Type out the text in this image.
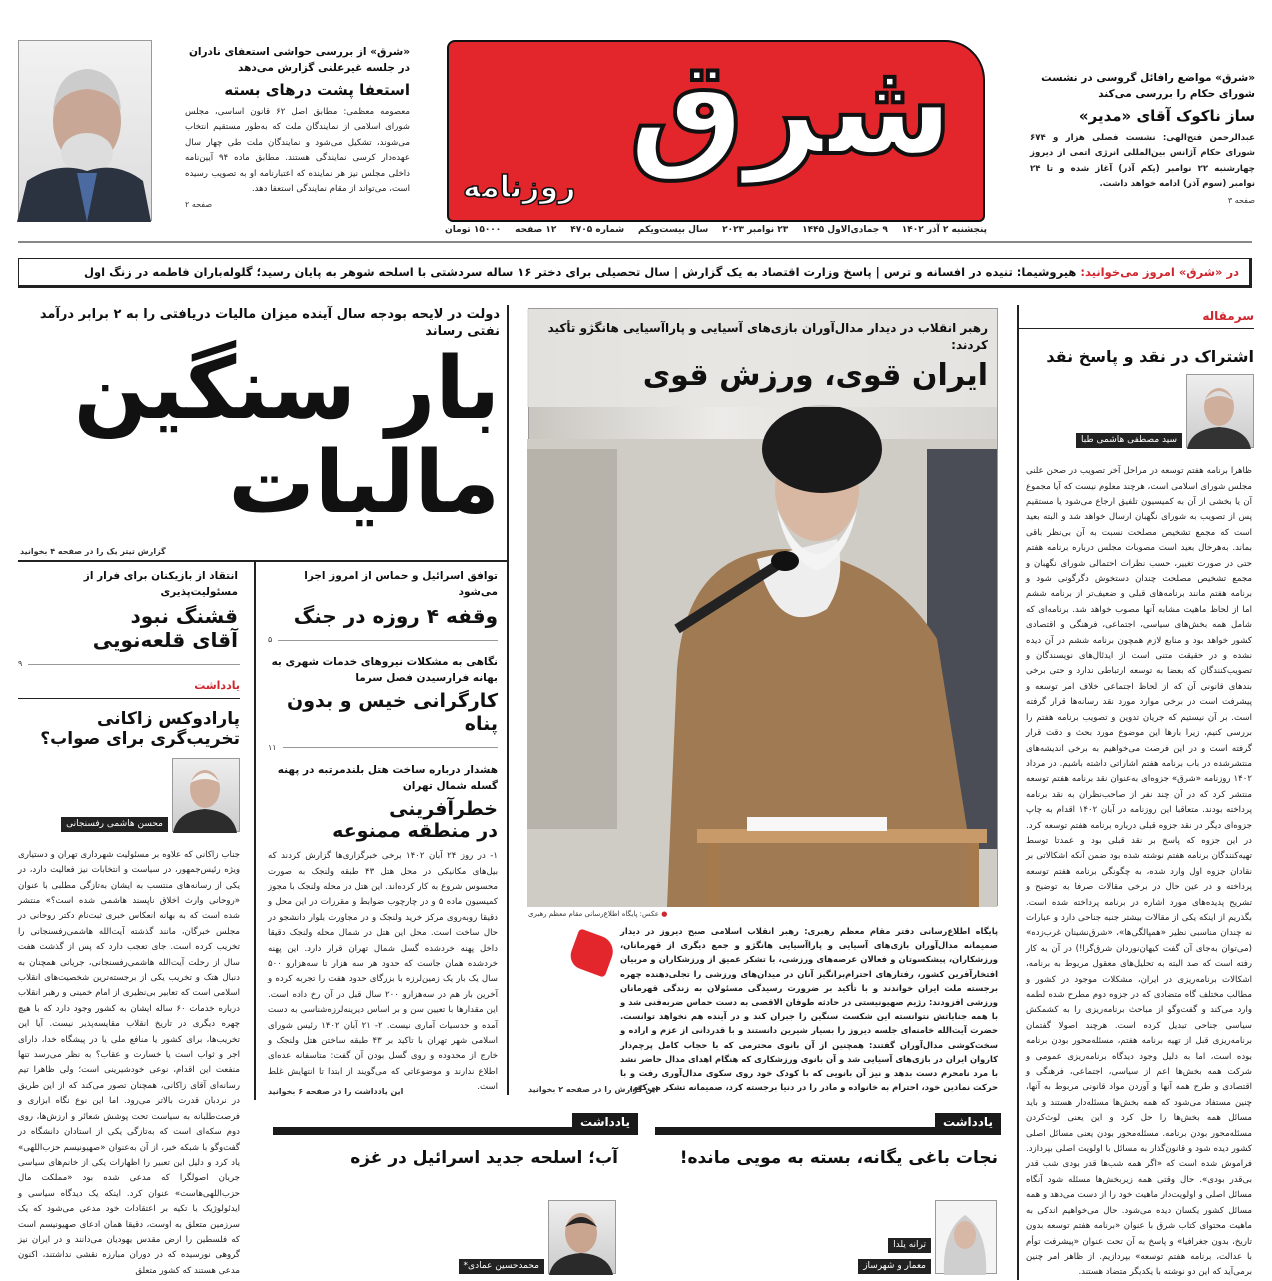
«شرق» از بررسی حواشی استعفای نادران در جلسه غیرعلنی گزارش می‌دهد
استعفا پشت درهای بسته
معصومه معظمی: مطابق اصل ۶۲ قانون اساسی، مجلس شورای اسلامی از نمایندگان ملت که به‌طور مستقیم انتخاب می‌شوند، تشکیل می‌شود و نمایندگان ملت طی چهار سال عهده‌دار کرسی نمایندگی هستند. مطابق ماده ۹۴ آیین‌نامه داخلی مجلس نیز هر نماینده که اعتبارنامه او به تصویب رسیده است، می‌تواند از مقام نمایندگی استعفا دهد.
صفحه ۲
شرق
روزنامه
پنجشنبه ۲ آذر ۱۴۰۲
۹ جمادی‌الاول ۱۴۴۵
۲۳ نوامبر ۲۰۲۳
سال بیست‌ویکم
شماره ۴۷۰۵
۱۲ صفحه
۱۵۰۰۰ تومان
«شرق» مواضع رافائل گروسی در نشست شورای حکام را بررسی می‌کند
ساز ناکوک آقای «مدیر»
عبدالرحمن فتح‌الهی: نشست فصلی هزار و ۶۷۴ شورای حکام آژانس بین‌المللی انرژی اتمی از دیروز چهارشنبه ۲۲ نوامبر (یکم آذر) آغاز شده و تا ۲۴ نوامبر (سوم آذر) ادامه خواهد داشت.
صفحه ۳
در «شرق» امروز می‌خوانید: هیروشیما: تنیده در افسانه و ترس | پاسخ وزارت اقتصاد به یک گزارش | سال تحصیلی برای دختر ۱۶ ساله سردشتی با اسلحه شوهر به پایان رسید؛ گلوله‌باران فاطمه در زنگ اول
دولت در لایحه بودجه سال آینده میزان مالیات دریافتی را به ۲ برابر درآمد نفتی رساند
بار سنگین
مالیات
گزارش تیتر یک را در صفحه ۴ بخوانید
انتقاد از بازیکنان برای فرار از مسئولیت‌پذیری
قشنگ نبود
آقای قلعه‌نویی
۹
یادداشت
پارادوکس زاکانی
تخریب‌گری برای صواب؟
محسن هاشمی رفسنجانی
جناب زاکانی که علاوه بر مسئولیت شهرداری تهران و دستیاری ویژه رئیس‌جمهور، در سیاست و انتخابات نیز فعالیت دارد، در یکی از رسانه‌های منتسب به ایشان به‌تازگی مطلبی با عنوان «روحانی وارث اخلاق ناپسند هاشمی شده است؟» منتشر شده است که به بهانه انعکاس خبری ثبت‌نام دکتر روحانی در مجلس خبرگان، مانند گذشته آیت‌الله هاشمی‌رفسنجانی را تخریب کرده است. جای تعجب دارد که پس از گذشت هفت سال از رحلت آیت‌الله هاشمی‌رفسنجانی، جریانی همچنان به دنبال هتک و تخریب یکی از برجسته‌ترین شخصیت‌های انقلاب اسلامی است که تعابیر بی‌نظیری از امام خمینی و رهبر انقلاب درباره خدمات ۶۰ ساله ایشان به کشور وجود دارد که با هیچ چهره دیگری در تاریخ انقلاب مقایسه‌پذیر نیست. آیا این تخریب‌ها، برای کشور یا منافع ملی یا در پیشگاه خدا، دارای اجر و ثواب است یا خسارت و عقاب؟ به نظر می‌رسد تنها منفعت این اقدام، نوعی خودشیرینی است؛ ولی ظاهرا تیم رسانه‌ای آقای زاکانی، همچنان تصور می‌کند که از این طریق در نردبان قدرت بالاتر می‌رود. اما این نوع نگاه ابزاری و فرصت‌طلبانه به سیاست تحت پوشش شعائر و ارزش‌ها، روی دوم سکه‌ای است که به‌تازگی یکی از استادان دانشگاه در گفت‌وگو با شبکه خبر، از آن به‌عنوان «صهیونیسم حزب‌اللهی» یاد کرد و دلیل این تعبیر را اظهارات یکی از خانم‌های سیاسی جریان اصولگرا که مدعی شده بود «مملکت مال حزب‌اللهی‌هاست» عنوان کرد. اینکه یک دیدگاه سیاسی و ایدئولوژیک با تکیه بر اعتقادات خود مدعی می‌شود که یک سرزمین متعلق به اوست، دقیقا همان ادعای صهیونیسم است که فلسطین را ارض مقدس یهودیان می‌دانند و در ایران نیز گروهی نورسیده که در دوران مبارزه نقشی نداشتند، اکنون مدعی هستند که کشور متعلق
توافق اسرائیل و حماس از امروز اجرا می‌شود
وقفه ۴ روزه در جنگ
۵
نگاهی به مشکلات نیروهای خدمات شهری به بهانه فرارسیدن فصل سرما
کارگرانی خیس و بدون پناه
۱۱
هشدار درباره ساخت هتل بلندمرتبه در پهنه گسله شمال تهران
خطرآفرینی
در منطقه ممنوعه
۱- در روز ۲۴ آبان ۱۴۰۲ برخی خبرگزاری‌ها گزارش کردند که بیل‌های مکانیکی در محل هتل ۴۳ طبقه ولنجک به صورت محسوس شروع به کار کرده‌اند. این هتل در محله ولنجک با مجوز کمیسیون ماده ۵ و در چارچوب ضوابط و مقررات در این محل و دقیقا روبه‌روی مرکز خرید ولنجک و در مجاورت بلوار دانشجو در حال ساخت است. محل این هتل در شمال محله ولنجک دقیقا داخل پهنه خردشده گسل شمال تهران قرار دارد. این پهنه خردشده همان جاست که حدود هر سه هزار تا سه‌هزارو ۵۰۰ سال یک بار یک زمین‌لرزه با بزرگای حدود هفت را تجربه کرده و آخرین بار هم در سه‌هزارو ۲۰۰ سال قبل در آن رخ داده است. این مقدارها با تعیین سن و بر اساس دیرینه‌لرزه‌شناسی به دست آمده و حدسیات آماری نیست. ۲- ۲۱ آبان ۱۴۰۲ رئیس شورای اسلامی شهر تهران با تاکید بر ۴۳ طبقه ساختن هتل ولنجک و خارج از محدوده و روی گسل بودن آن گفت: متاسفانه عده‌ای اطلاع ندارند و موضوعاتی که می‌گویند از ابتدا تا انتهایش غلط است.
این یادداشت را در صفحه ۶ بخوانید
رهبر انقلاب در دیدار مدال‌آوران بازی‌های آسیایی و پاراآسیایی هانگژو تأکید کردند:
ایران قوی، ورزش قوی
● عکس: پایگاه اطلاع‌رسانی مقام معظم رهبری
پایگاه اطلاع‌رسانی دفتر مقام معظم رهبری: رهبر انقلاب اسلامی صبح دیروز در دیدار صمیمانه مدال‌آوران بازی‌های آسیایی و پاراآسیایی هانگژو و جمع دیگری از قهرمانان، ورزشکاران، پیشکسوتان و فعالان عرصه‌های ورزشی، با تشکر عمیق از ورزشکاران و مربیان افتخارآفرین کشور، رفتارهای احترام‌برانگیز آنان در میدان‌های ورزشی را تجلی‌دهنده چهره برجسته ملت ایران خواندند و با تأکید بر ضرورت رسیدگی مسئولان به زندگی قهرمانان ورزشی افزودند: رژیم صهیونیستی در حادثه طوفان الاقصی به دست حماس ضربه‌فنی شد و با همه جنایاتش نتوانسته این شکست سنگین را جبران کند و در آینده هم نخواهد توانست. حضرت آیت‌الله خامنه‌ای جلسه دیروز را بسیار شیرین دانستند و با قدردانی از عزم و اراده و سخت‌کوشی مدال‌آوران گفتند: همچنین از آن بانوی محترمی که با حجاب کامل پرچم‌دار کاروان ایران در بازی‌های آسیایی شد و آن بانوی ورزشکاری که هنگام اهدای مدال حاضر نشد با مرد نامحرم دست بدهد و نیز آن بانویی که با کودک خود روی سکوی مدال‌آوری رفت و با حرکت نمادین خود، احترام به خانواده و مادر را در دنیا برجسته کرد، صمیمانه تشکر می‌کنم.
این گزارش را در صفحه ۲ بخوانید
سرمقاله
اشتراک در نقد و پاسخ نقد
سید مصطفی هاشمی طبا
ظاهرا برنامه هفتم توسعه در مراحل آخر تصویب در صحن علنی مجلس شورای اسلامی است، هرچند معلوم نیست که آیا مجموع آن یا بخشی از آن به کمیسیون تلفیق ارجاع می‌شود یا مستقیم پس از تصویب به شورای نگهبان ارسال خواهد شد و البته بعید است که مجمع تشخیص مصلحت نسبت به آن بی‌نظر باقی بماند. به‌هرحال بعید است مصوبات مجلس درباره برنامه هفتم حتی در صورت تغییر، حسب نظرات احتمالی شورای نگهبان و مجمع تشخیص مصلحت چندان دستخوش دگرگونی شود و برنامه هفتم مانند برنامه‌های قبلی و ضعیف‌تر از برنامه ششم اما از لحاظ ماهیت مشابه آنها مصوب خواهد شد. برنامه‌ای که شامل همه بخش‌های سیاسی، اجتماعی، فرهنگی و اقتصادی کشور خواهد بود و منابع لازم همچون برنامه ششم در آن دیده نشده و در حقیقت متنی است از ایدئال‌های نویسندگان و تصویب‌کنندگان که بعضا به توسعه ارتباطی ندارد و حتی برخی بندهای قانونی آن که از لحاظ اجتماعی خلاف امر توسعه و پیشرفت است در برخی موارد مورد نقد رسانه‌ها قرار گرفته است. بر آن نیستیم که جریان تدوین و تصویب برنامه هفتم را بررسی کنیم، زیرا بارها این موضوع مورد بحث و دقت قرار گرفته است و در این فرصت می‌خواهیم به برخی اندیشه‌های منتشرشده در باب برنامه هفتم اشاراتی داشته باشیم. در مرداد ۱۴۰۲ روزنامه «شرق» جزوه‌ای به‌عنوان نقد برنامه هفتم توسعه منتشر کرد که در آن چند نفر از صاحب‌نظران به نقد برنامه پرداخته بودند. متعاقبا این روزنامه در آبان ۱۴۰۲ اقدام به چاپ جزوه‌ای دیگر در نقد جزوه قبلی درباره برنامه هفتم توسعه کرد. در این جزوه که پاسخ بر نقد قبلی بود و عمدتا توسط تهیه‌کنندگان برنامه هفتم نوشته شده بود ضمن آنکه اشکالاتی بر نقادان جزوه اول وارد شده، به چگونگی برنامه هفتم توسعه پرداخته و در عین حال در برخی مقالات صرفا به توضیح و تشریح پدیده‌های مورد اشاره در برنامه پرداخته شده است. بگذریم از اینکه یکی از مقالات بیشتر جنبه جناحی دارد و عبارات نه چندان مناسبی نظیر «همپالگی‌ها»، «شرق‌نشینان غرب‌زده» (می‌توان به‌جای آن گفت کیهان‌نوردان شرق‌گرا!) در آن به کار رفته است که صد البته به تحلیل‌های معقول مربوط به برنامه، اشکالات برنامه‌ریزی در ایران، مشکلات موجود در کشور و مطالب مختلف گاه متضادی که در جزوه دوم مطرح شده لطمه وارد می‌کند و گفت‌وگو از مباحث برنامه‌ریزی را به کشمکش سیاسی جناحی تبدیل کرده است. هرچند اصولا گفتمان برنامه‌ریزی قبل از تهیه برنامه هفتم، مسئله‌محور بودن برنامه بوده است، اما به دلیل وجود دیدگاه برنامه‌ریزی عمومی و شرکت همه بخش‌ها اعم از سیاسی، اجتماعی، فرهنگی و اقتصادی و طرح همه آنها و آوردن مواد قانونی مربوط به آنها، چنین مستفاد می‌شود که همه بخش‌ها مسئله‌دار هستند و باید مسائل همه بخش‌ها را حل کرد و این یعنی لوث‌کردن مسئله‌محور بودن برنامه. مسئله‌محور بودن یعنی مسائل اصلی کشور دیده شود و قانون‌گذار به مسائل با اولویت اصلی بپردازد. فراموش شده است که «اگر همه شب‌ها قدر بودی شب قدر بی‌قدر بودی». حال وقتی همه زیربخش‌ها مسئله شود آنگاه مسائل اصلی و اولویت‌دار ماهیت خود را از دست می‌دهد و همه مسائل کشور یکسان دیده می‌شود. حال می‌خواهیم اندکی به ماهیت محتوای کتاب شرق با عنوان «برنامه هفتم توسعه بدون تاریخ، بدون جغرافیا» و پاسخ به آن تحت عنوان «پیشرفت توأم با عدالت، برنامه هفتم توسعه» بپردازیم. از ظاهر امر چنین برمی‌آید که این دو نوشته با یکدیگر متضاد هستند.
یادداشت
نجات باغی یگانه، بسته به مویی مانده!
ترانه یلدا
معمار و شهرساز
یادداشت
آب؛ اسلحه جدید اسرائیل در غزه
محمدحسین عمادی*
